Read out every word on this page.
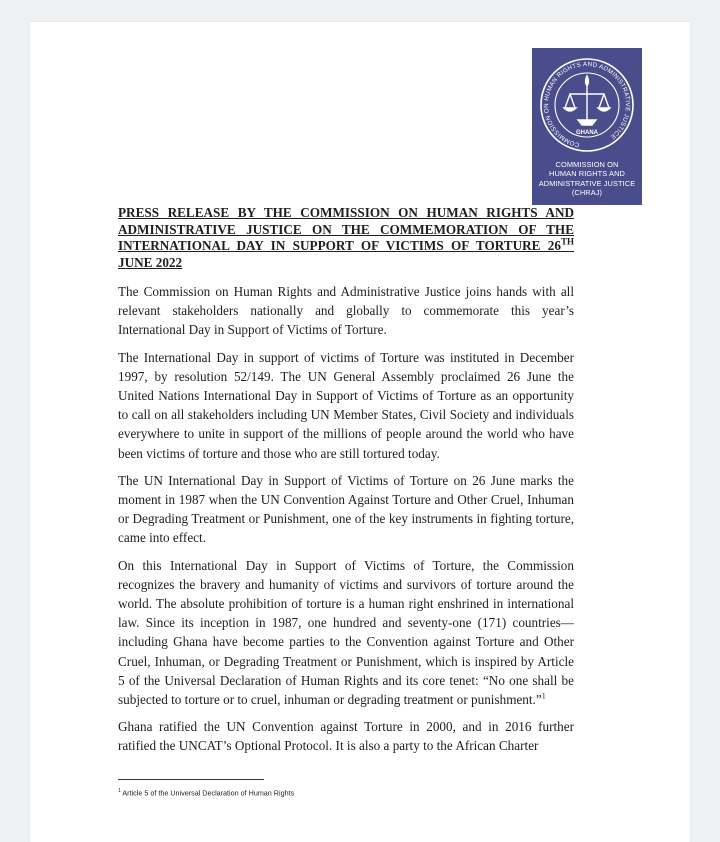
COMMISSION ON HUMAN RIGHTS AND ADMINISTRATIVE JUSTICE
GHANA
COMMISSION ON
HUMAN RIGHTS AND
ADMINISTRATIVE JUSTICE
(CHRAJ)
PRESS RELEASE BY THE COMMISSION ON HUMAN RIGHTS AND ADMINISTRATIVE JUSTICE ON THE COMMEMORATION OF THE INTERNATIONAL DAY IN SUPPORT OF VICTIMS OF TORTURE 26TH JUNE 2022

The Commission on Human Rights and Administrative Justice joins hands with all relevant stakeholders nationally and globally to commemorate this year’s International Day in Support of Victims of Torture.

The International Day in support of victims of Torture was instituted in December 1997, by resolution 52/149. The UN General Assembly proclaimed 26 June the United Nations International Day in Support of Victims of Torture as an opportunity to call on all stakeholders including UN Member States, Civil Society and individuals everywhere to unite in support of the millions of people around the world who have been victims of torture and those who are still tortured today.

The UN International Day in Support of Victims of Torture on 26 June marks the moment in 1987 when the UN Convention Against Torture and Other Cruel, Inhuman or Degrading Treatment or Punishment, one of the key instruments in fighting torture, came into effect.

On this International Day in Support of Victims of Torture, the Commission recognizes the bravery and humanity of victims and survivors of torture around the world. The absolute prohibition of torture is a human right enshrined in international law. Since its inception in 1987, one hundred and seventy-one (171) countries—including Ghana have become parties to the Convention against Torture and Other Cruel, Inhuman, or Degrading Treatment or Punishment, which is inspired by Article 5 of the Universal Declaration of Human Rights and its core tenet: “No one shall be subjected to torture or to cruel, inhuman or degrading treatment or punishment.”$^1$

Ghana ratified the UN Convention against Torture in 2000, and in 2016 further ratified the UNCAT’s Optional Protocol. It is also a party to the African Charter

$^1$ Article 5 of the Universal Declaration of Human Rights
